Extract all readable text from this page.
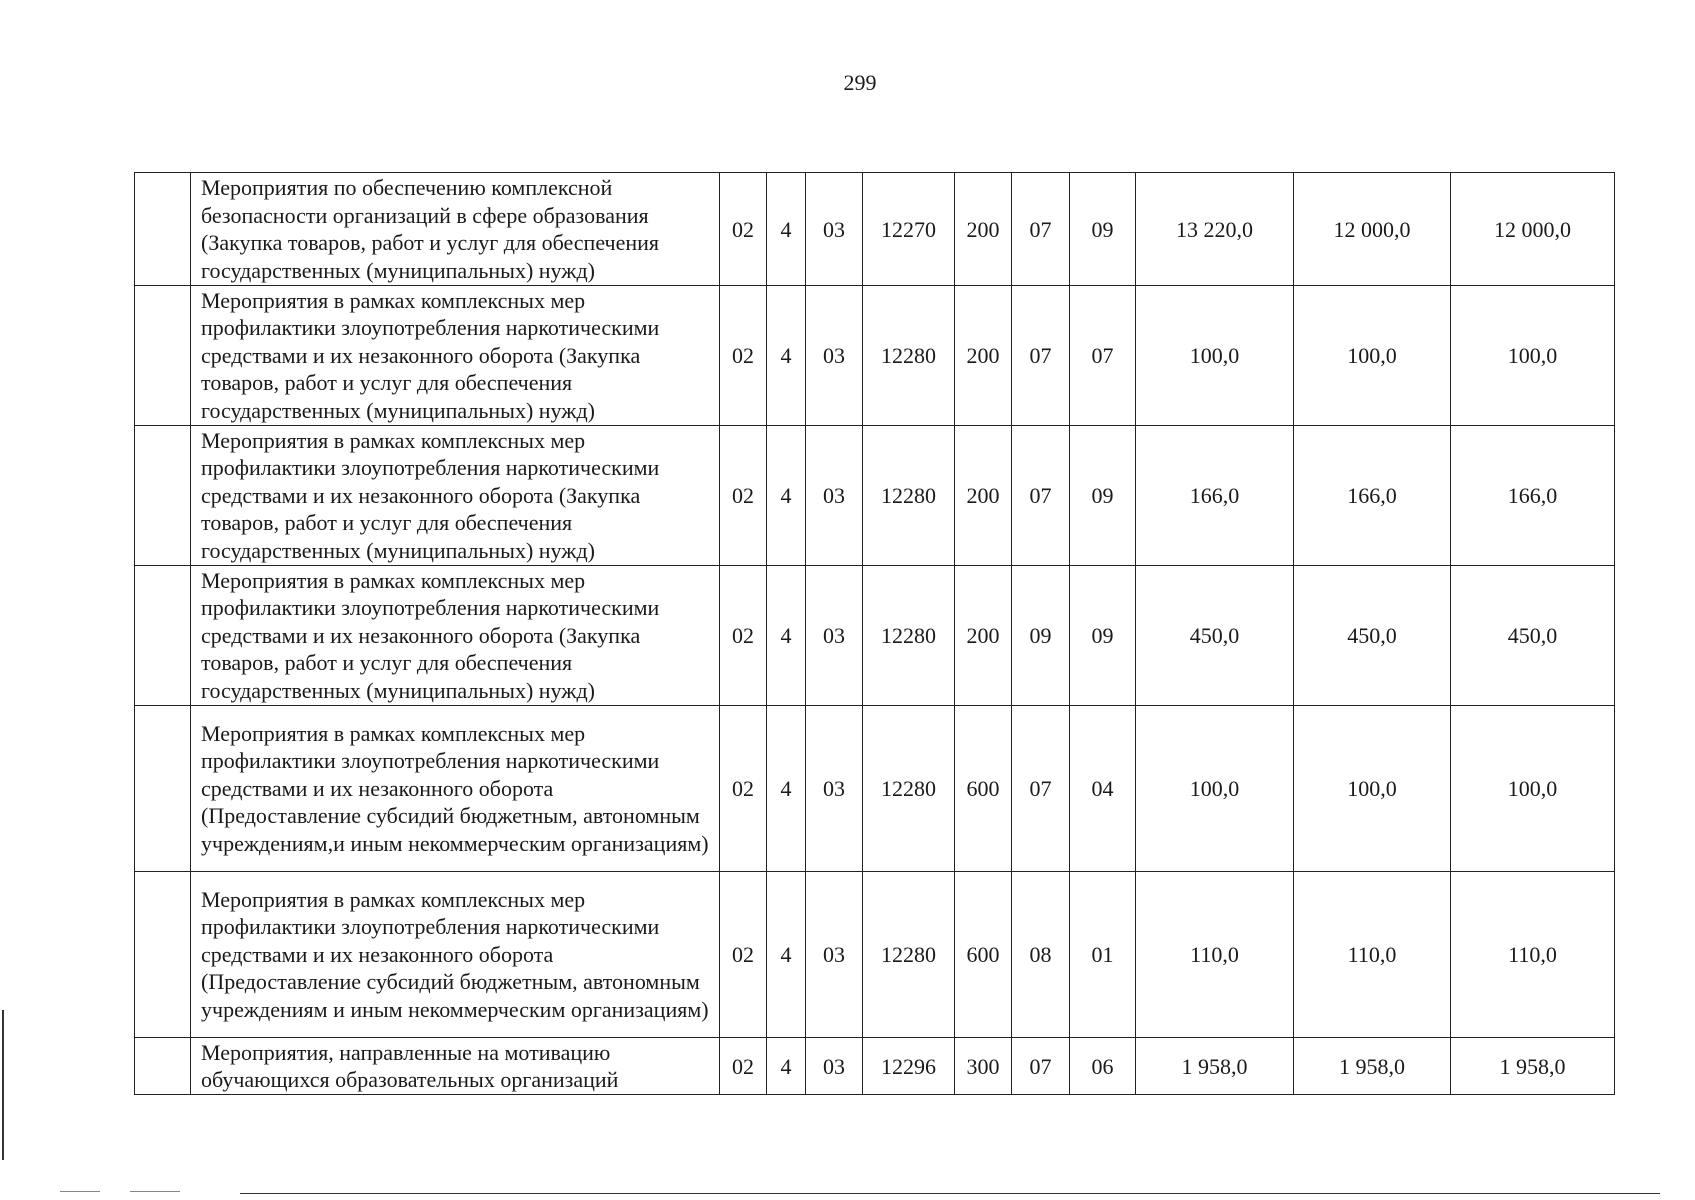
299
	Мероприятия по обеспечению комплексной безопасности организаций в сфере образования (Закупка товаров, работ и услуг для обеспечения государственных (муниципальных) нужд)	02	4	03	12270	200	07	09	13 220,0	12 000,0	12 000,0
	Мероприятия в рамках комплексных мер профилактики злоупотребления наркотическими средствами и их незаконного оборота (Закупка товаров, работ и услуг для обеспечения государственных (муниципальных) нужд)	02	4	03	12280	200	07	07	100,0	100,0	100,0
	Мероприятия в рамках комплексных мер профилактики злоупотребления наркотическими средствами и их незаконного оборота (Закупка товаров, работ и услуг для обеспечения государственных (муниципальных) нужд)	02	4	03	12280	200	07	09	166,0	166,0	166,0
	Мероприятия в рамках комплексных мер профилактики злоупотребления наркотическими средствами и их незаконного оборота (Закупка товаров, работ и услуг для обеспечения государственных (муниципальных) нужд)	02	4	03	12280	200	09	09	450,0	450,0	450,0
	Мероприятия в рамках комплексных мер профилактики злоупотребления наркотическими средствами и их незаконного оборота (Предоставление субсидий бюджетным, автономным учреждениям,и иным некоммерческим организациям)	02	4	03	12280	600	07	04	100,0	100,0	100,0
	Мероприятия в рамках комплексных мер профилактики злоупотребления наркотическими средствами и их незаконного оборота (Предоставление субсидий бюджетным, автономным учреждениям и иным некоммерческим организациям)	02	4	03	12280	600	08	01	110,0	110,0	110,0
	Мероприятия, направленные на мотивацию обучающихся образовательных организаций	02	4	03	12296	300	07	06	1 958,0	1 958,0	1 958,0
